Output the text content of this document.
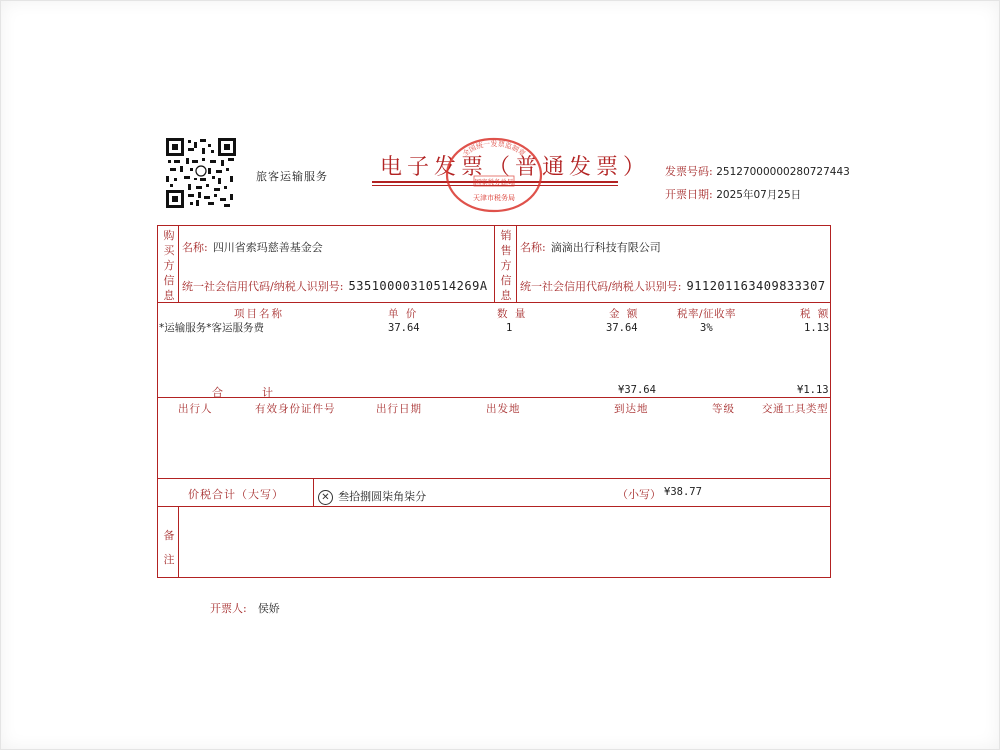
旅客运输服务 电子发票（普通发票）
全国统一发票监制章
国家税务总局
天津市税务局
发票号码: 25127000000280727443
开票日期: 2025年07月25日
购
买
方
信
息
名称: 四川省索玛慈善基金会
统一社会信用代码/纳税人识别号: 53510000310514269A
销
售
方
信
息
名称: 滴滴出行科技有限公司
统一社会信用代码/纳税人识别号: 911201163409833307
项目名称	单 价	数 量	金 额	税率/征收率	税 额
*运输服务*客运服务费	37.64	1	37.64	3%	1.13
合	计	¥37.64	¥1.13
出行人	有效身份证件号	出行日期	出发地	到达地	等级	交通工具类型
价税合计（大写）	✕ 叁拾捌圆柒角柒分	（小写） ¥38.77
备
注
开票人: 侯娇
